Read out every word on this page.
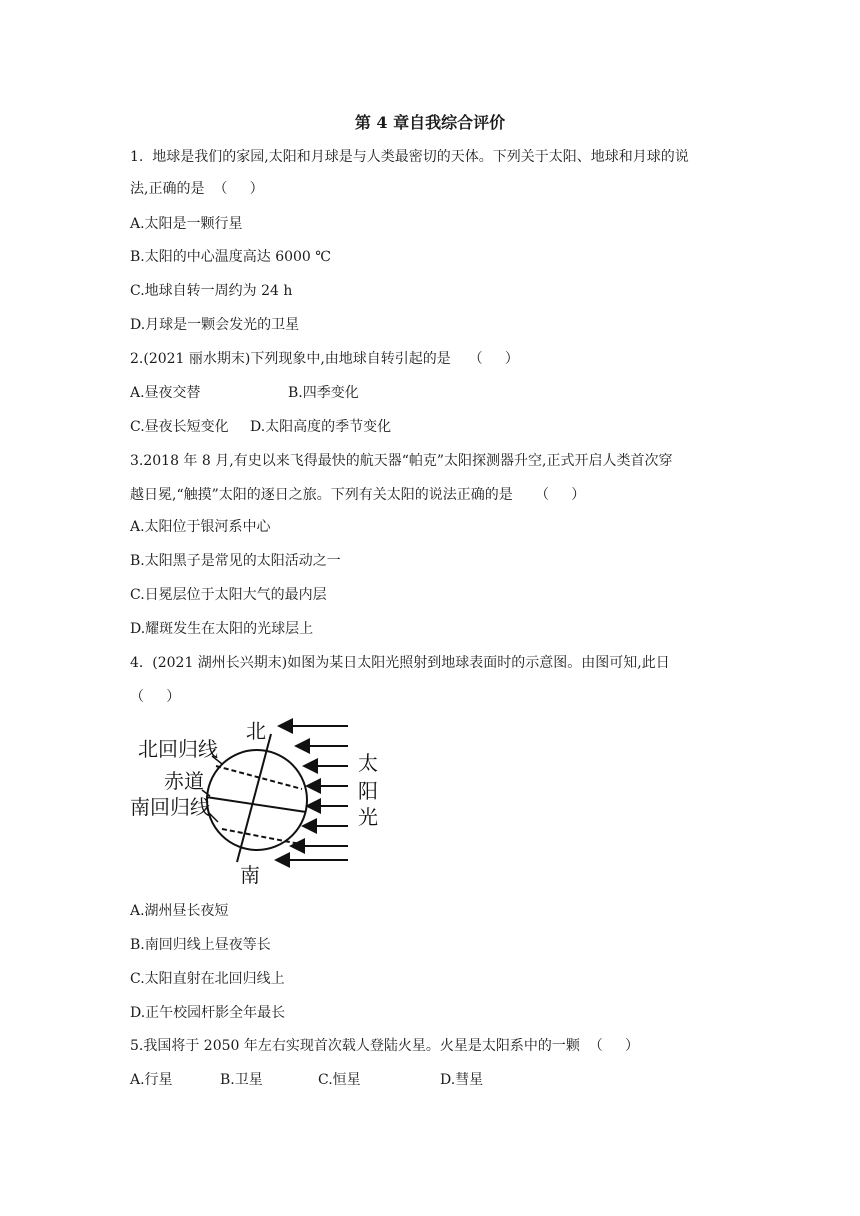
第 4 章自我综合评价
1.  地球是我们的家园,太阳和月球是与人类最密切的天体。下列关于太阳、地球和月球的说
法,正确的是  （     ）
A.太阳是一颗行星
B.太阳的中心温度高达 6000 ℃
C.地球自转一周约为 24 h
D.月球是一颗会发光的卫星
2.(2021 丽水期末)下列现象中,由地球自转引起的是    （     ）
A.昼夜交替	B.四季变化
C.昼夜长短变化 D.太阳高度的季节变化
3.2018 年 8 月,有史以来飞得最快的航天器“帕克”太阳探测器升空,正式开启人类首次穿
越日冕,“触摸”太阳的逐日之旅。下列有关太阳的说法正确的是     （     ）
A.太阳位于银河系中心
B.太阳黑子是常见的太阳活动之一
C.日冕层位于太阳大气的最内层
D.耀斑发生在太阳的光球层上
4.  (2021 湖州长兴期末)如图为某日太阳光照射到地球表面时的示意图。由图可知,此日
（     ）
北
南
北回归线
赤道
南回归线
太
阳
光
A.湖州昼长夜短
B.南回归线上昼夜等长
C.太阳直射在北回归线上
D.正午校园杆影全年最长
5.我国将于 2050 年左右实现首次载人登陆火星。火星是太阳系中的一颗  （     ）
A.行星	B.卫星	C.恒星	D.彗星
